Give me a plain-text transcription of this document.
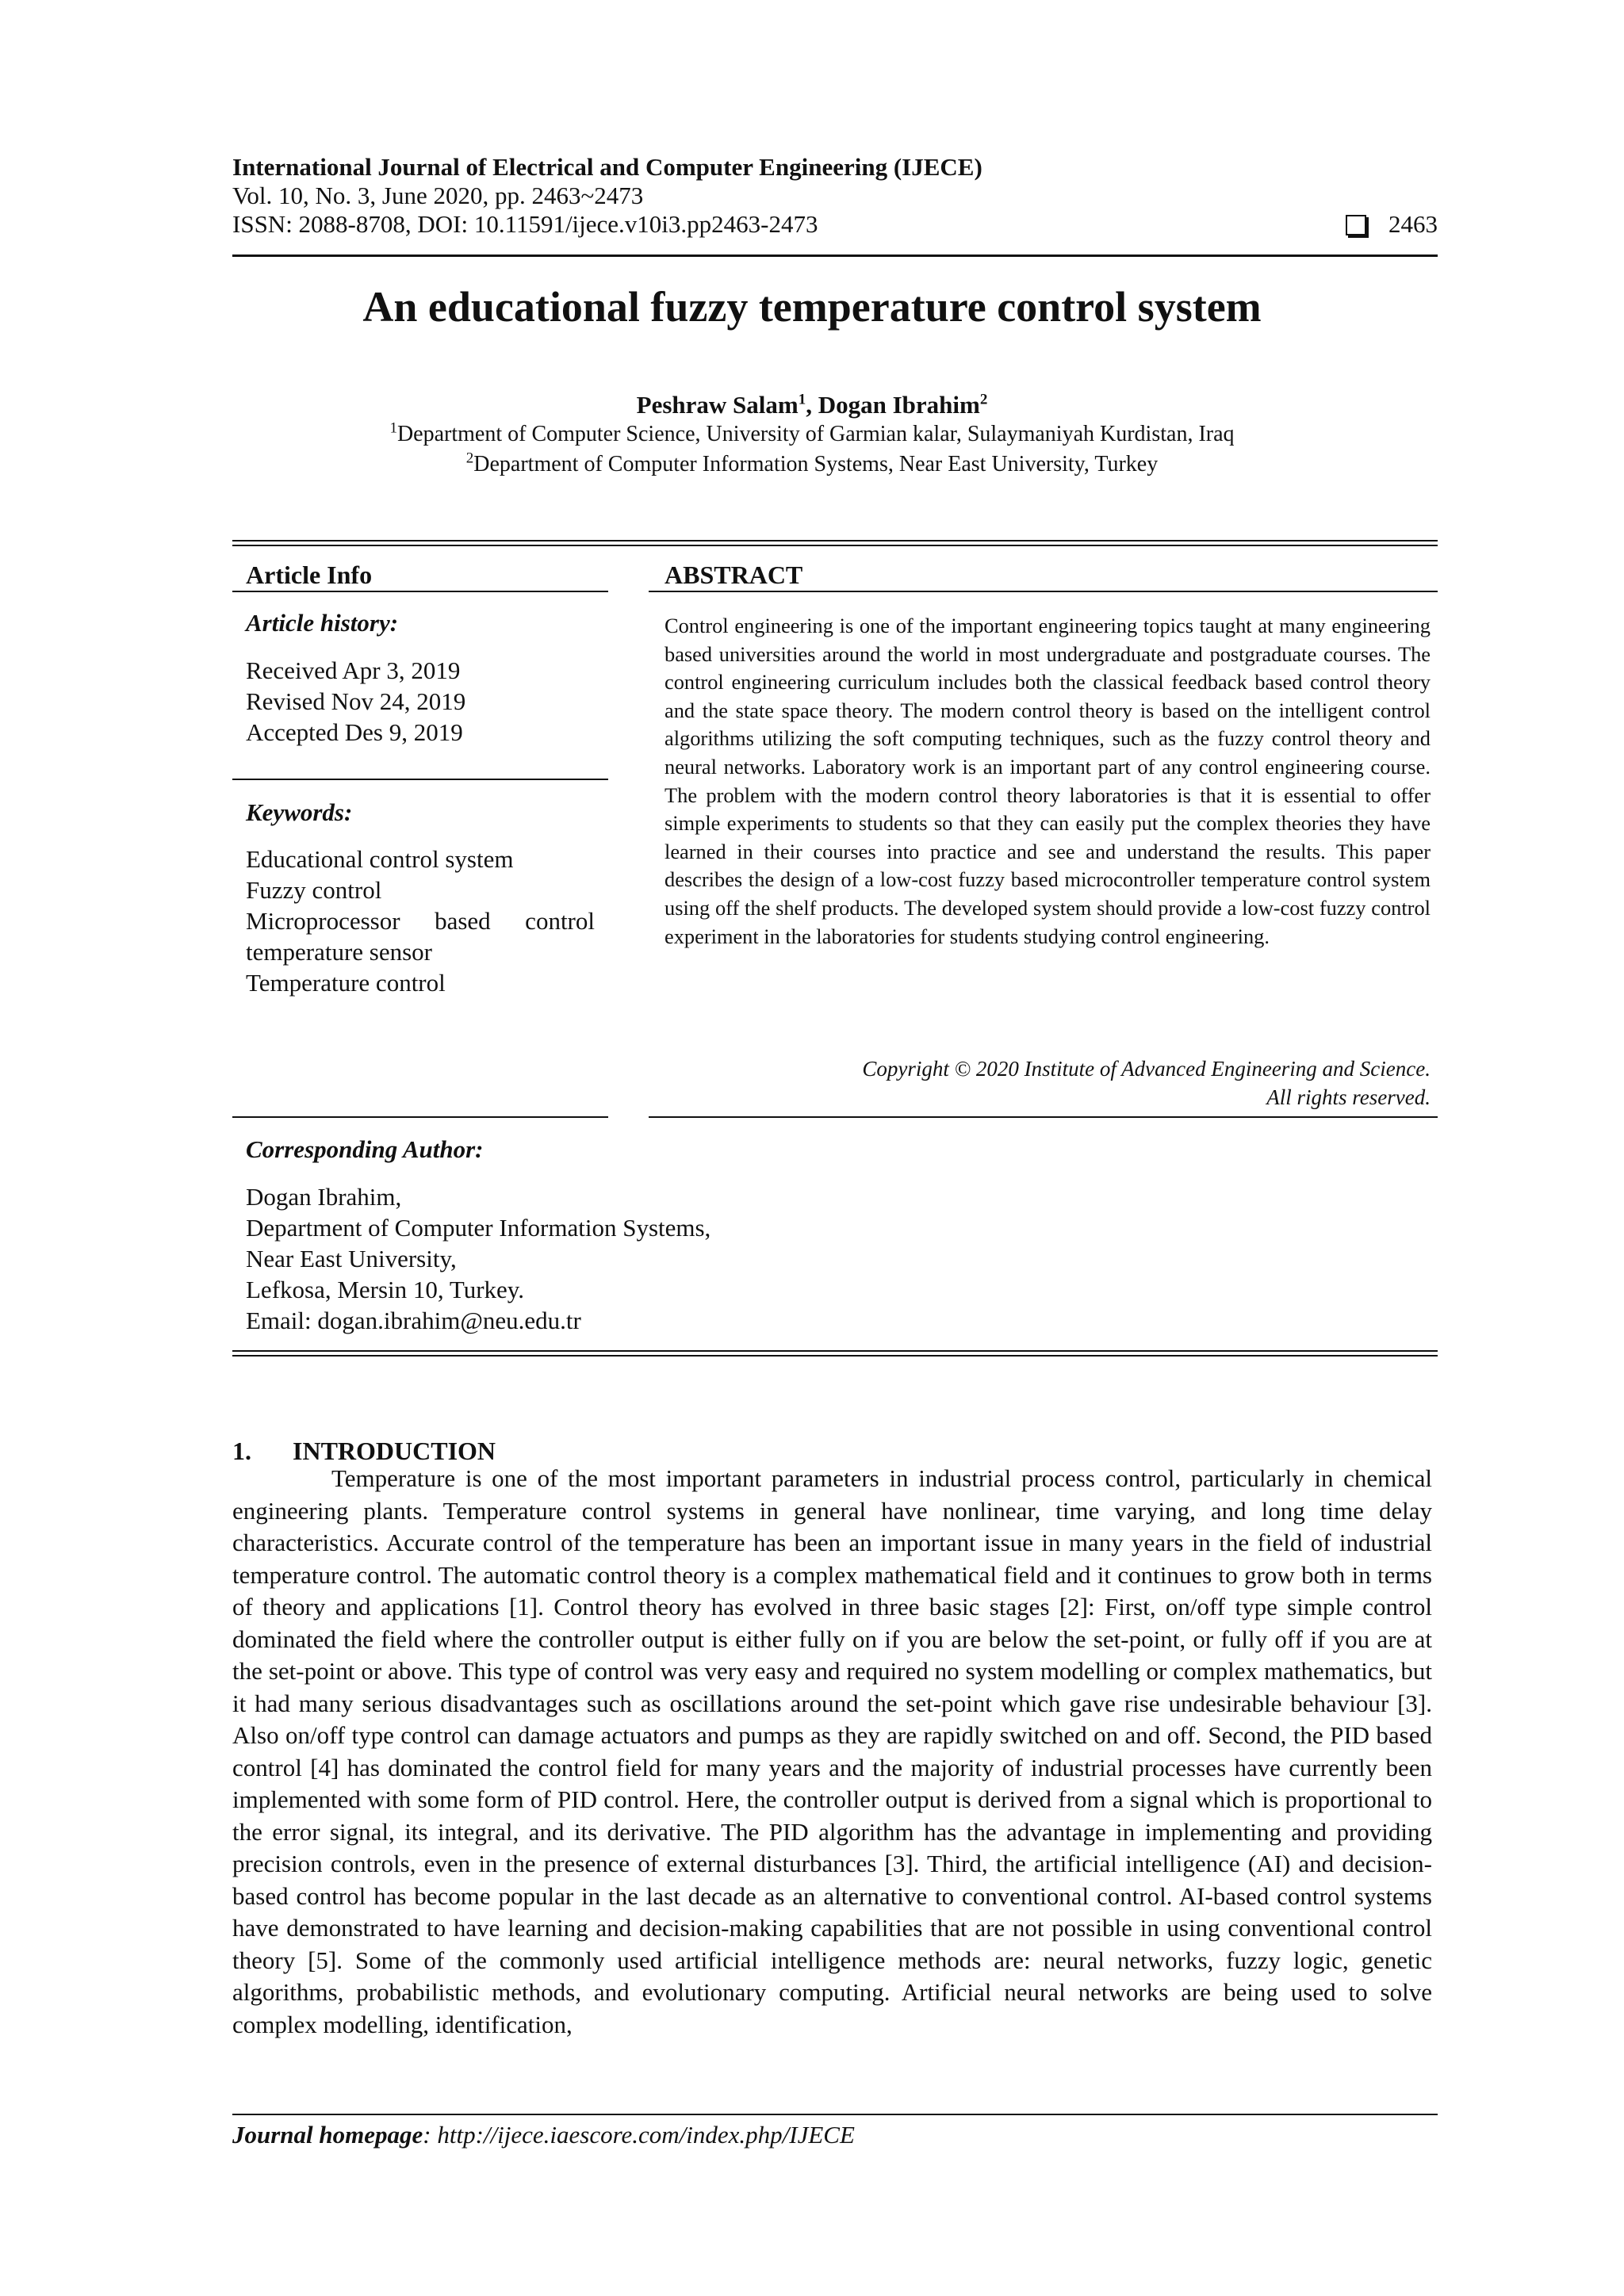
International Journal of Electrical and Computer Engineering (IJECE)
Vol. 10, No. 3, June 2020, pp. 2463~2473
ISSN: 2088-8708, DOI: 10.11591/ijece.v10i3.pp2463-2473	2463
An educational fuzzy temperature control system
Peshraw Salam$^1$, Dogan Ibrahim$^2$
$^1$Department of Computer Science, University of Garmian kalar, Sulaymaniyah Kurdistan, Iraq
$^2$Department of Computer Information Systems, Near East University, Turkey
Article Info
Article history:
Received Apr 3, 2019
Revised Nov 24, 2019
Accepted Des 9, 2019
Keywords:
Educational control system
Fuzzy control
Microprocessor based control
temperature sensor
Temperature control
ABSTRACT
Control engineering is one of the important engineering topics taught at many engineering based universities around the world in most undergraduate and postgraduate courses. The control engineering curriculum includes both the classical feedback based control theory and the state space theory. The modern control theory is based on the intelligent control algorithms utilizing the soft computing techniques, such as the fuzzy control theory and neural networks. Laboratory work is an important part of any control engineering course. The problem with the modern control theory laboratories is that it is essential to offer simple experiments to students so that they can easily put the complex theories they have learned in their courses into practice and see and understand the results. This paper describes the design of a low-cost fuzzy based microcontroller temperature control system using off the shelf products. The developed system should provide a low-cost fuzzy control experiment in the laboratories for students studying control engineering.
Copyright © 2020 Institute of Advanced Engineering and Science.
All rights reserved.
Corresponding Author:
Dogan Ibrahim,
Department of Computer Information Systems,
Near East University,
Lefkosa, Mersin 10, Turkey.
Email: dogan.ibrahim@neu.edu.tr
1. INTRODUCTION
Temperature is one of the most important parameters in industrial process control, particularly in chemical engineering plants. Temperature control systems in general have nonlinear, time varying, and long time delay characteristics. Accurate control of the temperature has been an important issue in many years in the field of industrial temperature control. The automatic control theory is a complex mathematical field and it continues to grow both in terms of theory and applications [1]. Control theory has evolved in three basic stages [2]: First, on/off type simple control dominated the field where the controller output is either fully on if you are below the set-point, or fully off if you are at the set-point or above. This type of control was very easy and required no system modelling or complex mathematics, but it had many serious disadvantages such as oscillations around the set-point which gave rise undesirable behaviour [3]. Also on/off type control can damage actuators and pumps as they are rapidly switched on and off. Second, the PID based control [4] has dominated the control field for many years and the majority of industrial processes have currently been implemented with some form of PID control. Here, the controller output is derived from a signal which is proportional to the error signal, its integral, and its derivative. The PID algorithm has the advantage in implementing and providing precision controls, even in the presence of external disturbances [3]. Third, the artificial intelligence (AI) and decision-based control has become popular in the last decade as an alternative to conventional control. AI-based control systems have demonstrated to have learning and decision-making capabilities that are not possible in using conventional control theory [5]. Some of the commonly used artificial intelligence methods are: neural networks, fuzzy logic, genetic algorithms, probabilistic methods, and evolutionary computing. Artificial neural networks are being used to solve complex modelling, identification,
Journal homepage: http://ijece.iaescore.com/index.php/IJECE
